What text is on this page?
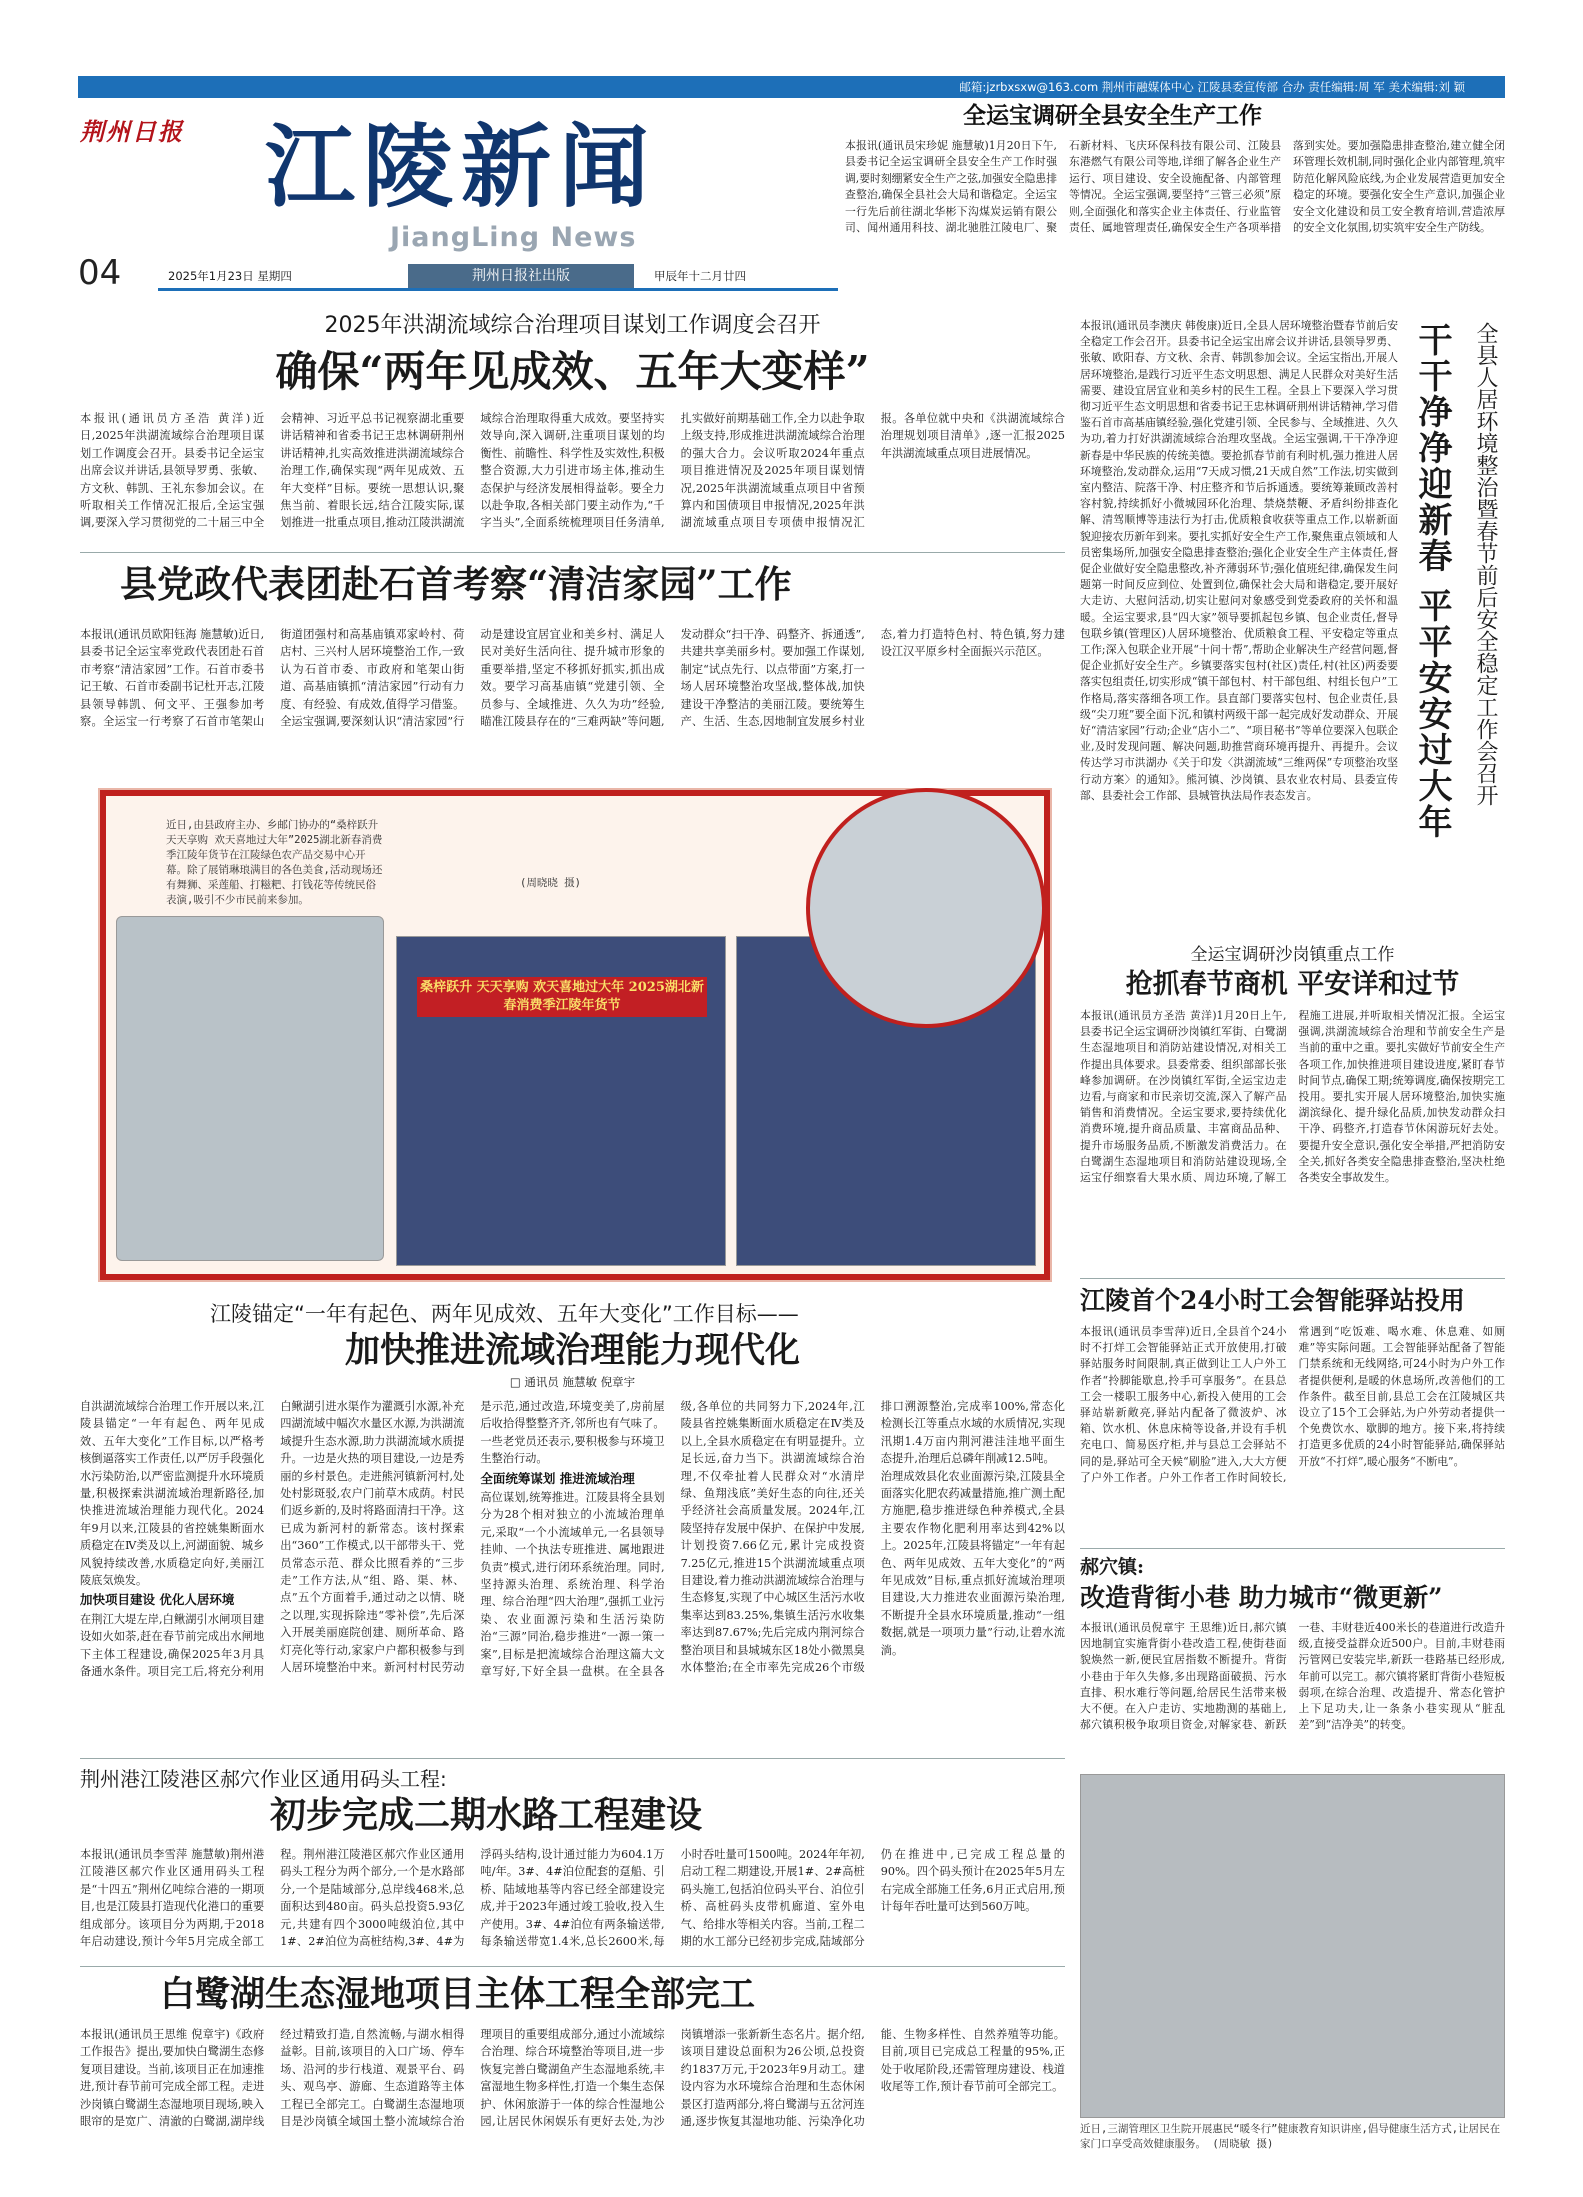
邮箱:jzrbxsxw@163.com 荆州市融媒体中心 江陵县委宣传部 合办 责任编辑:周 军 美术编辑:刘 颖
荆州日报 江陵新闻
JiangLing News
04	2025年1月23日 星期四	荆州日报社出版	甲辰年十二月廿四
全运宝调研全县安全生产工作
本报讯(通讯员宋珍妮 施慧敏)1月20日下午,县委书记全运宝调研全县安全生产工作时强调,要时刻绷紧安全生产之弦,加强安全隐患排查整治,确保全县社会大局和谐稳定。全运宝一行先后前往湖北华彬下沟煤炭运销有限公司、闻州通用科技、湖北驰胜江陵电厂、聚石新材料、飞庆环保科技有限公司、江陵县东港燃气有限公司等地,详细了解各企业生产运行、项目建设、安全设施配备、内部管理等情况。全运宝强调,要坚持“三管三必须”原则,全面强化和落实企业主体责任、行业监管责任、属地管理责任,确保安全生产各项举措落到实处。要加强隐患排查整治,建立健全闭环管理长效机制,同时强化企业内部管理,筑牢防范化解风险底线,为企业发展营造更加安全稳定的环境。要强化安全生产意识,加强企业安全文化建设和员工安全教育培训,营造浓厚的安全文化氛围,切实筑牢安全生产防线。
2025年洪湖流域综合治理项目谋划工作调度会召开
确保“两年见成效、五年大变样”
本报讯(通讯员方圣浩 黄洋)近日,2025年洪湖流域综合治理项目谋划工作调度会召开。县委书记全运宝出席会议并讲话,县领导罗勇、张敏、方文秋、韩凯、王礼东参加会议。在听取相关工作情况汇报后,全运宝强调,要深入学习贯彻党的二十届三中全会精神、习近平总书记视察湖北重要讲话精神和省委书记王忠林调研荆州讲话精神,扎实高效推进洪湖流域综合治理工作,确保实现“两年见成效、五年大变样”目标。要统一思想认识,聚焦当前、着眼长远,结合江陵实际,谋划推进一批重点项目,推动江陵洪湖流域综合治理取得重大成效。要坚持实效导向,深入调研,注重项目谋划的均衡性、前瞻性、科学性及实效性,积极整合资源,大力引进市场主体,推动生态保护与经济发展相得益彰。要全力以赴争取,各相关部门要主动作为,“千字当头”,全面系统梳理项目任务清单,扎实做好前期基础工作,全力以赴争取上级支持,形成推进洪湖流域综合治理的强大合力。会议听取2024年重点项目推进情况及2025年项目谋划情况,2025年洪湖流域重点项目中省预算内和国债项目申报情况,2025年洪湖流域重点项目专项债申报情况汇报。各单位就中央和《洪湖流域综合治理规划项目清单》,逐一汇报2025年洪湖流域重点项目进展情况。
县党政代表团赴石首考察“清洁家园”工作
本报讯(通讯员欧阳钰海 施慧敏)近日,县委书记全运宝率党政代表团赴石首市考察“清洁家园”工作。石首市委书记王敏、石首市委副书记杜开志,江陵县领导韩凯、何文平、王强参加考察。全运宝一行考察了石首市笔架山街道团强村和高基庙镇邓家岭村、荷店村、三兴村人居环境整治工作,一致认为石首市委、市政府和笔架山街道、高基庙镇抓“清洁家园”行动有力度、有经验、有成效,值得学习借鉴。全运宝强调,要深刻认识“清洁家园”行动是建设宜居宜业和美乡村、满足人民对美好生活向往、提升城市形象的重要举措,坚定不移抓好抓实,抓出成效。要学习高基庙镇“党建引领、全员参与、全域推进、久久为功”经验,瞄准江陵县存在的“三难两缺”等问题,发动群众“扫干净、码整齐、拆通透”,共建共享美丽乡村。要加强工作谋划,制定“试点先行、以点带面”方案,打一场人居环境整治攻坚战,整体战,加快建设干净整洁的美丽江陵。要统筹生产、生活、生态,因地制宜发展乡村业态,着力打造特色村、特色镇,努力建设江汉平原乡村全面振兴示范区。
近日,由县政府主办、乡邮门协办的“桑梓跃升 天天享购 欢天喜地过大年”2025湖北新春消费季江陵年货节在江陵绿色农产品交易中心开幕。除了展销琳琅满目的各色美食,活动现场还有舞狮、采莲船、打糍粑、打钱花等传统民俗表演,吸引不少市民前来参加。
(周晓晓 摄)
桑梓跃升 天天享购 欢天喜地过大年 2025湖北新春消费季江陵年货节
江陵锚定“一年有起色、两年见成效、五年大变化”工作目标——
加快推进流域治理能力现代化
□ 通讯员 施慧敏 倪章宇
自洪湖流域综合治理工作开展以来,江陵县锚定“一年有起色、两年见成效、五年大变化”工作目标,以严格考核倒逼落实工作责任,以严厉手段强化水污染防治,以严密监测提升水环境质量,积极探索洪湖流域治理新路径,加快推进流域治理能力现代化。2024年9月以来,江陵县的省控姚集断面水质稳定在Ⅳ类及以上,河湖面貌、城乡风貌持续改善,水质稳定向好,美丽江陵底気焕发。
加快项目建设 优化人居环境
在荆江大堤左岸,白鳅湖引水闸项目建设如火如荼,赶在春节前完成出水闸地下主体工程建设,确保2025年3月具备通水条件。项目完工后,将充分利用白鳅湖引进水渠作为灌溉引水源,补充四湖流域中幅次水量区水源,为洪湖流域提升生态水源,助力洪湖流域水质提升。一边是火热的项目建设,一边是秀丽的乡村景色。走进熊河镇新河村,处处村影斑驳,农户门前草木成荫。村民们返乡新的,及时将路面清扫干净。这已成为新河村的新常态。该村探索出“360”工作模式,以干部带头干、党员常态示范、群众比照看养的“三步走”工作方法,从“组、路、渠、林、点”五个方面着手,通过动之以情、晓之以理,实现拆除违“零补偿”,先后深入开展美丽庭院创建、厕所革命、路灯亮化等行动,家家户户都积极参与到人居环境整治中来。新河村村民劳动是示范,通过改造,环境变美了,房前屋后收拾得整整齐齐,邻所也有气味了。一些老党员还表示,要积极参与环境卫生整治行动。
全面统筹谋划 推进流域治理
高位谋划,统筹推进。江陵县将全县划分为28个相对独立的小流域治理单元,采取“一个小流域单元,一名县领导挂帅、一个执法专班推进、属地跟进负责”模式,进行闭环系统治理。同时,坚持源头治理、系统治理、科学治理、综合治理“四大治理”,强抓工业污染、农业面源污染和生活污染防治“三源”同治,稳步推进“一源一策一案”,目标是把流域综合治理这篇大文章写好,下好全县一盘棋。在全县各级,各单位的共同努力下,2024年,江陵县省控姚集断面水质稳定在Ⅳ类及以上,全县水质稳定在有明显提升。立足长远,奋力当下。洪湖流域综合治理,不仅牵扯着人民群众对“水清岸绿、鱼翔浅底”美好生态的向往,还关乎经济社会高质量发展。2024年,江陵坚持存发展中保护、在保护中发展,计划投资7.66亿元,累计完成投资7.25亿元,推进15个洪湖流域重点项目建设,着力推动洪湖流域综合治理与生态修复,实现了中心城区生活污水收集率达到83.25%,集镇生活污水收集率达到87.67%;先后完成内荆河综合整治项目和县城城东区18处小微黑臭水体整治;在全市率先完成26个市级排口溯源整治,完成率100%,常态化检测长江等重点水域的水质情况,实现汛期1.4万亩内荆河港洼洼地平面生态提升,治理后总磷年削减12.5吨。
治理成效县化农业面源污染,江陵县全面落实化肥农药减量措施,推广测土配方施肥,稳步推进绿色种养模式,全县主要农作物化肥利用率达到42%以上。2025年,江陵县将锚定“一年有起色、两年见成效、五年大变化”的“两年见成效”目标,重点抓好流域治理项目建设,大力推进农业面源污染治理,不断提升全县水环境质量,推动“一组数据,就是一项项力量”行动,让碧水流淌。
荆州港江陵港区郝穴作业区通用码头工程:
初步完成二期水路工程建设
本报讯(通讯员李雪萍 施慧敏)荆州港江陵港区郝穴作业区通用码头工程是“十四五”荆州亿吨综合港的一期项目,也是江陵县打造现代化港口的重要组成部分。该项目分为两期,于2018年启动建设,预计今年5月完成全部工程。荆州港江陵港区郝穴作业区通用码头工程分为两个部分,一个是水路部分,一个是陆域部分,总岸线468米,总面积达到480亩。码头总投资5.93亿元,共建有四个3000吨级泊位,其中1#、2#泊位为高桩结构,3#、4#为浮码头结构,设计通过能力为604.1万吨/年。3#、4#泊位配套的趸船、引桥、陆域地基等内容已经全部建设完成,并于2023年通过竣工验收,投入生产使用。3#、4#泊位有两条输送带,每条输送带宽1.4米,总长2600米,每小时吞吐量可1500吨。2024年年初,启动工程二期建设,开展1#、2#高桩码头施工,包括泊位码头平台、泊位引桥、高桩码头皮带机廊道、室外电气、给排水等相关内容。当前,工程二期的水工部分已经初步完成,陆域部分仍在推进中,已完成工程总量的90%。四个码头预计在2025年5月左右完成全部施工任务,6月正式启用,预计每年吞吐量可达到560万吨。
白鹭湖生态湿地项目主体工程全部完工
本报讯(通讯员王思维 倪章宇)《政府工作报告》提出,要加快白鹭湖生态修复项目建设。当前,该项目正在加速推进,预计春节前可完成全部工程。走进沙岗镇白鹭湖生态湿地项目现场,映入眼帘的是宽广、清澈的白鹭湖,湖岸线经过精致打造,自然流畅,与湖水相得益彰。目前,该项目的入口广场、停车场、沿河的步行栈道、观景平台、码头、观鸟亭、游廊、生态道路等主体工程已全部完工。白鹭湖生态湿地项目是沙岗镇全域国土整小流域综合治理项目的重要组成部分,通过小流域综合治理、综合环境整治等项目,进一步恢复完善白鹭湖鱼产生态湿地系统,丰富湿地生物多样性,打造一个集生态保护、休闲旅游于一体的综合性湿地公园,让居民休闲娱乐有更好去处,为沙岗镇增添一张新新生态名片。据介绍,该项目建设总面积为26公顷,总投资约1837万元,于2023年9月动工。建设内容为水环境综合治理和生态休闲景区打造两部分,将白鹭湖与五岔河连通,逐步恢复其湿地功能、污染净化功能、生物多样性、自然养殖等功能。目前,项目已完成总工程量的95%,正处于收尾阶段,还需管理房建设、栈道收尾等工作,预计春节前可全部完工。
本报讯(通讯员李澳庆 韩俊康)近日,全县人居环境整治暨春节前后安全稳定工作会召开。县委书记全运宝出席会议并讲话,县领导罗勇、张敏、欧阳春、方文秋、余青、韩凯参加会议。全运宝指出,开展人居环境整治,是践行习近平生态文明思想、满足人民群众对美好生活需要、建设宜居宜业和美乡村的民生工程。全县上下要深入学习贯彻习近平生态文明思想和省委书记王忠林调研荆州讲话精神,学习借鉴石首市高基庙镇经验,强化党建引领、全民参与、全域推进、久久为功,着力打好洪湖流域综合治理攻坚战。全运宝强调,干干净净迎新春是中华民族的传统美德。要抢抓春节前有利时机,强力推进人居环境整治,发动群众,运用“7天成习惯,21天成自然”工作法,切实做到室内整洁、院落干净、村庄整齐和节后拆通透。要统筹兼顾改善村容村貌,持续抓好小微城园环化治理、禁烧禁鞭、矛盾纠纷排查化解、清驾顺博等违法行为打击,优质粮食收获等重点工作,以崭新面貌迎接农历新年到来。要扎实抓好安全生产工作,聚焦重点领域和人员密集场所,加强安全隐患排查整治;强化企业安全生产主体责任,督促企业做好安全隐患整改,补齐薄弱环节;强化值班纪律,确保发生问题第一时间反应到位、处置到位,确保社会大局和谐稳定,要开展好大走访、大慰问活动,切实让慰问对象感受到党委政府的关怀和温暖。全运宝要求,县“四大家”领导要抓起包乡镇、包企业责任,督导包联乡镇(管理区)人居环境整治、优质粮食工程、平安稳定等重点工作;深入包联企业开展“十问十帮”,帮助企业解决生产经营问题,督促企业抓好安全生产。乡镇要落实包村(社区)责任,村(社区)两委要落实包组责任,切实形成“镇干部包村、村干部包组、村组长包户”工作格局,落实落细各项工作。县直部门要落实包村、包企业责任,县级“尖刀班”要全面下沉,和镇村两级干部一起完成好发动群众、开展好“清洁家园”行动;企业“店小二”、“项目秘书”等单位要深入包联企业,及时发现问题、解决问题,助推营商环境再提升、再提升。会议传达学习市洪湖办《关于印发〈洪湖流域“三维两保”专项整治攻坚行动方案〉的通知》。熊河镇、沙岗镇、县农业农村局、县委宣传部、县委社会工作部、县城管执法局作表态发言。	干干净净迎新春 平平安安过大年 全县人居环境整治暨春节前后安全稳定工作会召开
全运宝调研沙岗镇重点工作
抢抓春节商机 平安详和过节
本报讯(通讯员方圣浩 黄洋)1月20日上午,县委书记全运宝调研沙岗镇红军街、白鹭湖生态湿地项目和消防站建设情况,对相关工作提出具体要求。县委常委、组织部部长张峰参加调研。在沙岗镇红军街,全运宝边走边看,与商家和市民亲切交流,深入了解产品销售和消费情况。全运宝要求,要持续优化消费环境,提升商品质量、丰富商品品种、提升市场服务品质,不断激发消费活力。在白鹭湖生态湿地项目和消防站建设现场,全运宝仔细察看大果水质、周边环境,了解工程施工进展,并听取相关情况汇报。全运宝强调,洪湖流域综合治理和节前安全生产是当前的重中之重。要扎实做好节前安全生产各项工作,加快推进项目建设进度,紧盯春节时间节点,确保工期;统筹调度,确保按期完工投用。要扎实开展人居环境整治,加快实施湖滨绿化、提升绿化品质,加快发动群众扫干净、码整齐,打造春节休闲游玩好去处。要提升安全意识,强化安全举措,严把消防安全关,抓好各类安全隐患排查整治,坚决杜绝各类安全事故发生。
江陵首个24小时工会智能驿站投用
本报讯(通讯员李雪萍)近日,全县首个24小时不打烊工会智能驿站正式开放使用,打破驿站服务时间限制,真正做到让工人户外工作者“拎脚能歇息,拎手可享服务”。在县总工会一楼职工服务中心,新投入使用的工会驿站崭新敞亮,驿站内配备了微波炉、冰箱、饮水机、休息床椅等设备,并设有手机充电口、简易医疗柜,并与县总工会驿站不同的是,驿站可全天候“刷脸”进入,大大方便了户外工作者。户外工作者工作时间较长,常遇到“吃饭难、喝水难、休息难、如厕难”等实际问题。工会智能驿站配备了智能门禁系统和无线网络,可24小时为户外工作者提供便利,是暖的休息场所,改善他们的工作条件。截至目前,县总工会在江陵城区共设立了15个工会驿站,为户外劳动者提供一个免费饮水、歇脚的地方。接下来,将持续打造更多优质的24小时智能驿站,确保驿站开放“不打烊”,暖心服务“不断电”。
郝穴镇:
改造背街小巷 助力城市“微更新”
本报讯(通讯员倪章宇 王思维)近日,郝穴镇因地制宜实施背街小巷改造工程,使街巷面貌焕然一新,便民宜居指数不断提升。背街小巷由于年久失修,多出现路面破损、污水直排、积水难行等问题,给居民生活带来极大不便。在入户走访、实地勘测的基础上,郝穴镇积极争取项目资金,对解家巷、新跃一巷、丰财巷近400米长的巷道进行改造升级,直接受益群众近500户。目前,丰财巷雨污管网已安装完毕,新跃一巷路基已经形成,年前可以完工。郝穴镇将紧盯背街小巷短板弱项,在综合治理、改造提升、常态化管护上下足功夫,让一条条小巷实现从“脏乱差”到“洁净美”的转变。
近日,三湖管理区卫生院开展惠民“暖冬行”健康教育知识讲座,倡导健康生活方式,让居民在家门口享受高效健康服务。 (周晓敏 摄)
